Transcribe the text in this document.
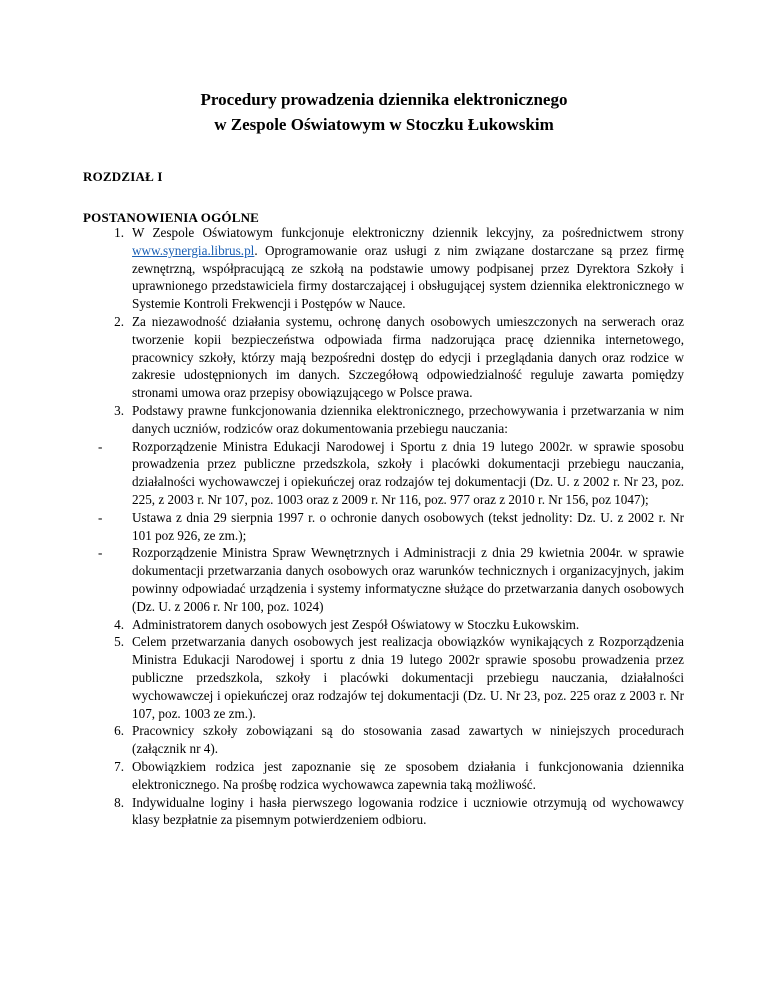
Procedury prowadzenia dziennika elektronicznego
w Zespole Oświatowym w Stoczku Łukowskim
ROZDZIAŁ I
POSTANOWIENIA OGÓLNE
1. W Zespole Oświatowym funkcjonuje elektroniczny dziennik lekcyjny, za pośrednictwem strony www.synergia.librus.pl. Oprogramowanie oraz usługi z nim związane dostarczane są przez firmę zewnętrzną, współpracującą ze szkołą na podstawie umowy podpisanej przez Dyrektora Szkoły i uprawnionego przedstawiciela firmy dostarczającej i obsługującej system dziennika elektronicznego w Systemie Kontroli Frekwencji i Postępów w Nauce.
2. Za niezawodność działania systemu, ochronę danych osobowych umieszczonych na serwerach oraz tworzenie kopii bezpieczeństwa odpowiada firma nadzorująca pracę dziennika internetowego, pracownicy szkoły, którzy mają bezpośredni dostęp do edycji i przeglądania danych oraz rodzice w zakresie udostępnionych im danych. Szczegółową odpowiedzialność reguluje zawarta pomiędzy stronami umowa oraz przepisy obowiązującego w Polsce prawa.
3. Podstawy prawne funkcjonowania dziennika elektronicznego, przechowywania i przetwarzania w nim danych uczniów, rodziców oraz dokumentowania przebiegu nauczania:
-	Rozporządzenie Ministra Edukacji Narodowej i Sportu z dnia 19 lutego 2002r. w sprawie sposobu prowadzenia przez publiczne przedszkola, szkoły i placówki dokumentacji przebiegu nauczania, działalności wychowawczej i opiekuńczej oraz rodzajów tej dokumentacji (Dz. U. z 2002 r. Nr 23, poz. 225, z 2003 r. Nr 107, poz. 1003 oraz z 2009 r. Nr 116, poz. 977 oraz z 2010 r. Nr 156, poz 1047);
-	Ustawa z dnia 29 sierpnia 1997 r. o ochronie danych osobowych (tekst jednolity: Dz. U. z 2002 r. Nr 101 poz 926, ze zm.);
-	Rozporządzenie Ministra Spraw Wewnętrznych i Administracji z dnia 29 kwietnia 2004r. w sprawie dokumentacji przetwarzania danych osobowych oraz warunków technicznych i organizacyjnych, jakim powinny odpowiadać urządzenia i systemy informatyczne służące do przetwarzania danych osobowych (Dz. U. z 2006 r. Nr 100, poz. 1024)
4. Administratorem danych osobowych jest Zespół Oświatowy w Stoczku Łukowskim.
5. Celem przetwarzania danych osobowych jest realizacja obowiązków wynikających z Rozporządzenia Ministra Edukacji Narodowej i sportu z dnia 19 lutego 2002r sprawie sposobu prowadzenia przez publiczne przedszkola, szkoły i placówki dokumentacji przebiegu nauczania, działalności wychowawczej i opiekuńczej oraz rodzajów tej dokumentacji (Dz. U. Nr 23, poz. 225 oraz z 2003 r. Nr 107, poz. 1003 ze zm.).
6. Pracownicy szkoły zobowiązani są do stosowania zasad zawartych w niniejszych procedurach (załącznik nr 4).
7. Obowiązkiem rodzica jest zapoznanie się ze sposobem działania i funkcjonowania dziennika elektronicznego. Na prośbę rodzica wychowawca zapewnia taką możliwość.
8. Indywidualne loginy i hasła pierwszego logowania rodzice i uczniowie otrzymują od wychowawcy klasy bezpłatnie za pisemnym potwierdzeniem odbioru.
